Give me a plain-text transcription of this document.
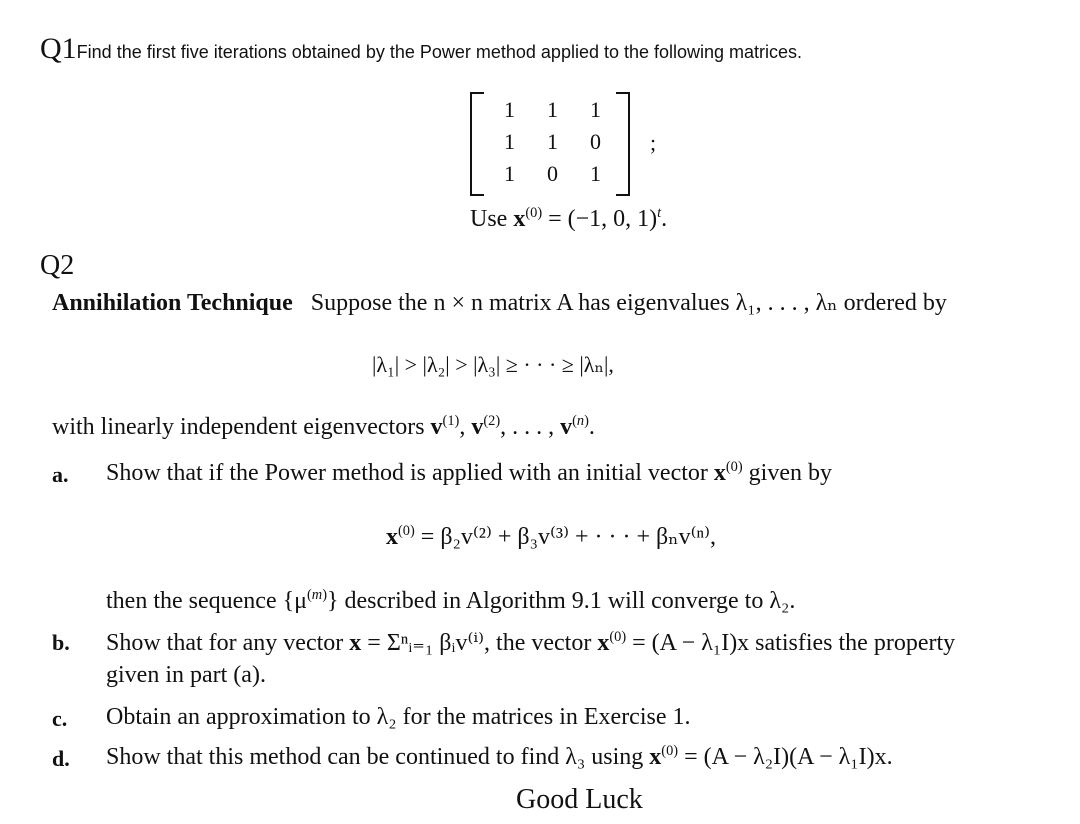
Q1Find the first five iterations obtained by the Power method applied to the following matrices.
1	1	1
1	1	0
1	0	1
;
Use $x^{(0)} = (-1$, 0, 1)$^t$.
Q2
Annihilation Technique Suppose the n × n matrix A has eigenvalues λ₁, . . . , λₙ ordered by
|λ₁| > |λ₂| > |λ₃| ≥ · · · ≥ |λₙ|,
with linearly independent eigenvectors $v^{(1)}$, $v^{(2)}$, . . . , $v^{(n)}$.
a. Show that if the Power method is applied with an initial vector $x^{(0)}$ given by
$x^{(0)} = \beta_2v^{(2)} + \beta_3v^{(3)}$ + · · · + βₙv⁽ⁿ⁾,
then the sequence $\{\mu^{(m)}\}$ described in Algorithm 9.1 will converge to λ₂.
b. Show that for any vector x = Σⁿᵢ₌₁ βᵢv⁽ⁱ⁾, the vector $x^{(0)} = (A - \lambda_1I)x$ satisfies the property
given in part (a).
c. Obtain an approximation to λ₂ for the matrices in Exercise 1.
d. Show that this method can be continued to find λ₃ using $x^{(0)} = (A - \lambda_2I)(A - \lambda_1I)x$.
Good Luck
